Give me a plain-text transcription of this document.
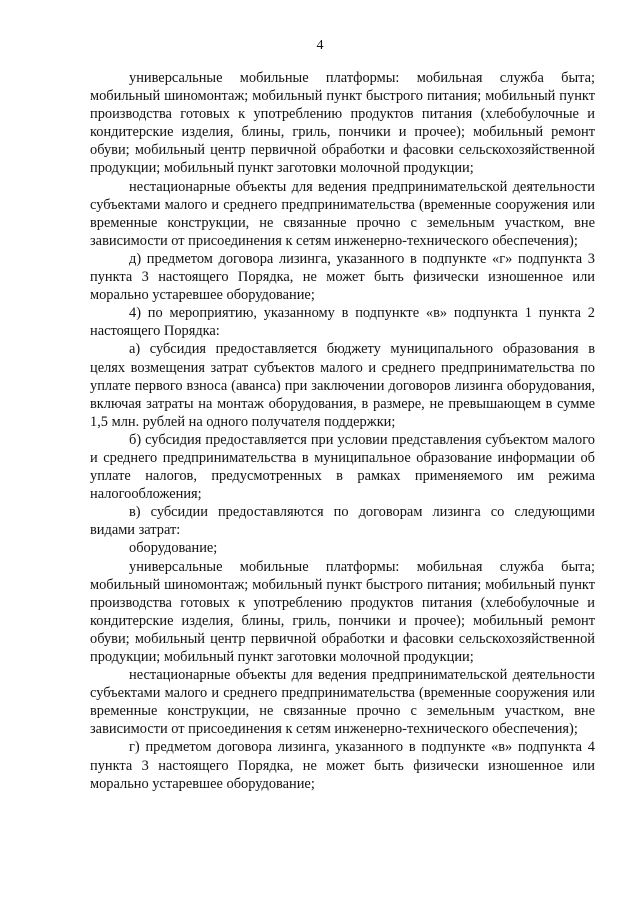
4

универсальные мобильные платформы: мобильная служба быта; мобильный шиномонтаж; мобильный пункт быстрого питания; мобильный пункт производства готовых к употреблению продуктов питания (хлебобулочные и кондитерские изделия, блины, гриль, пончики и прочее); мобильный ремонт обуви; мобильный центр первичной обработки и фасовки сельскохозяйственной продукции; мобильный пункт заготовки молочной продукции;

нестационарные объекты для ведения предпринимательской деятельности субъектами малого и среднего предпринимательства (временные сооружения или временные конструкции, не связанные прочно с земельным участком, вне зависимости от присоединения к сетям инженерно-технического обеспечения);

д) предметом договора лизинга, указанного в подпункте «г» подпункта 3 пункта 3 настоящего Порядка, не может быть физически изношенное или морально устаревшее оборудование;

4) по мероприятию, указанному в подпункте «в» подпункта 1 пункта 2 настоящего Порядка:

а) субсидия предоставляется бюджету муниципального образования в целях возмещения затрат субъектов малого и среднего предпринимательства по уплате первого взноса (аванса) при заключении договоров лизинга оборудования, включая затраты на монтаж оборудования, в размере, не превышающем в сумме 1,5 млн. рублей на одного получателя поддержки;

б) субсидия предоставляется при условии представления субъектом малого и среднего предпринимательства в муниципальное образование информации об уплате налогов, предусмотренных в рамках применяемого им режима налогообложения;

в) субсидии предоставляются по договорам лизинга со следующими видами затрат:

оборудование;

универсальные мобильные платформы: мобильная служба быта; мобильный шиномонтаж; мобильный пункт быстрого питания; мобильный пункт производства готовых к употреблению продуктов питания (хлебобулочные и кондитерские изделия, блины, гриль, пончики и прочее); мобильный ремонт обуви; мобильный центр первичной обработки и фасовки сельскохозяйственной продукции; мобильный пункт заготовки молочной продукции;

нестационарные объекты для ведения предпринимательской деятельности субъектами малого и среднего предпринимательства (временные сооружения или временные конструкции, не связанные прочно с земельным участком, вне зависимости от присоединения к сетям инженерно-технического обеспечения);

г) предметом договора лизинга, указанного в подпункте «в» подпункта 4 пункта 3 настоящего Порядка, не может быть физически изношенное или морально устаревшее оборудование;
